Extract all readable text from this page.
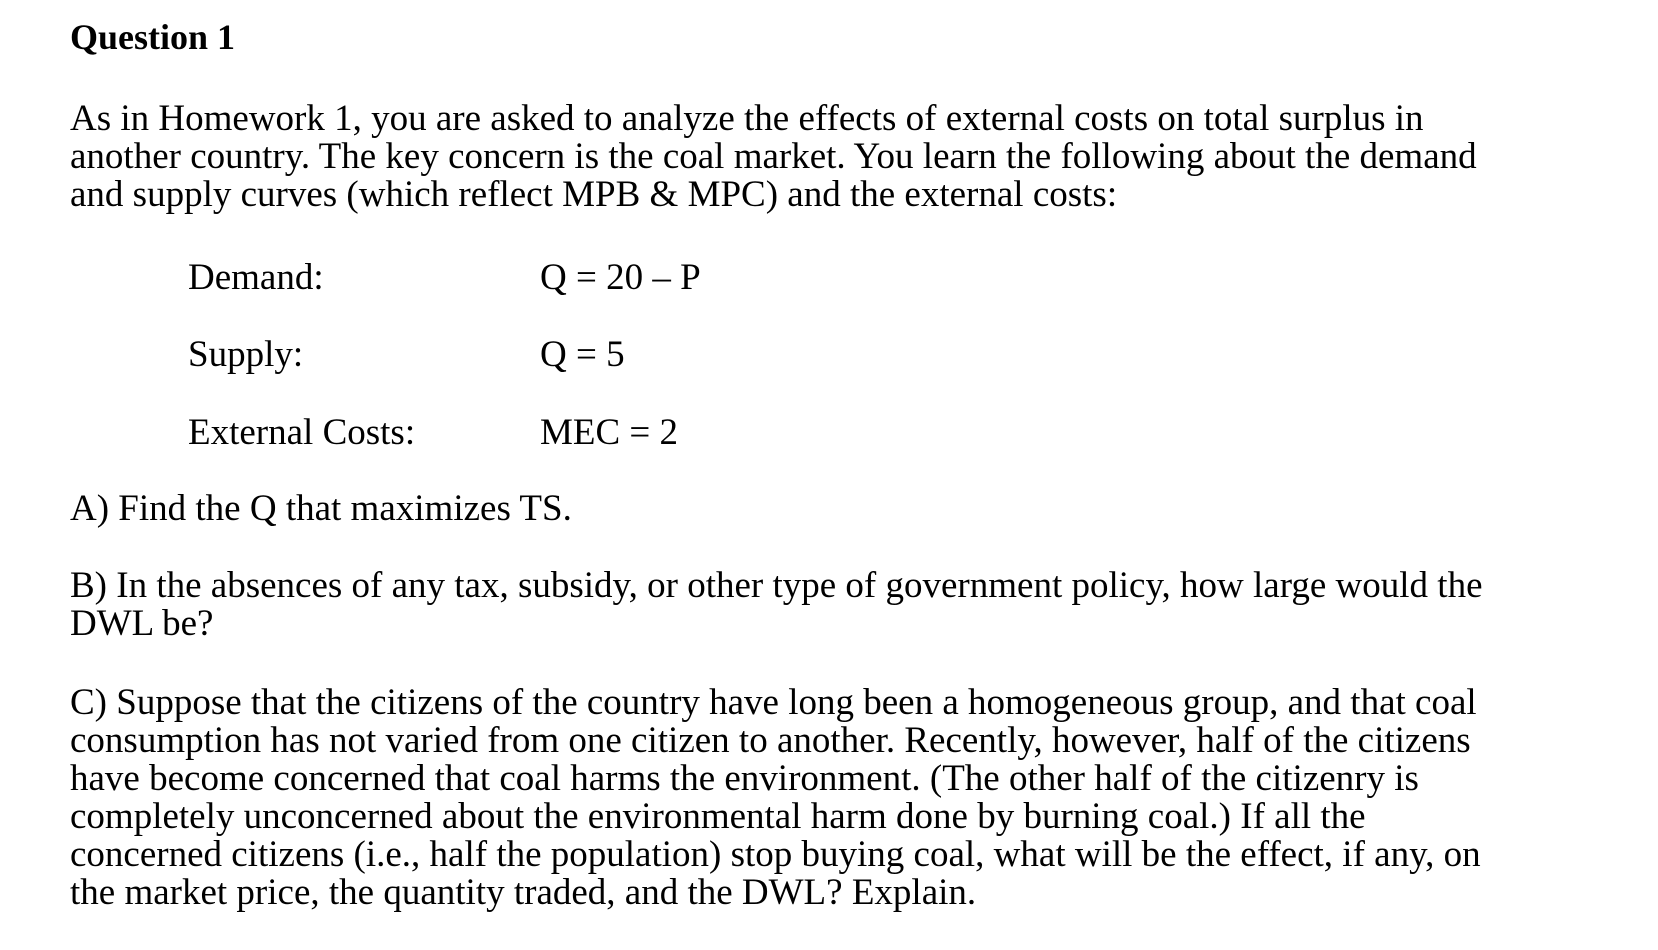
Question 1

As in Homework 1, you are asked to analyze the effects of external costs on total surplus in
another country. The key concern is the coal market. You learn the following about the demand
and supply curves (which reflect MPB & MPC) and the external costs:

Demand:	Q = 20 – P
Supply:	Q = 5
External Costs:	MEC = 2

A) Find the Q that maximizes TS.

B) In the absences of any tax, subsidy, or other type of government policy, how large would the
DWL be?

C) Suppose that the citizens of the country have long been a homogeneous group, and that coal
consumption has not varied from one citizen to another. Recently, however, half of the citizens
have become concerned that coal harms the environment. (The other half of the citizenry is
completely unconcerned about the environmental harm done by burning coal.) If all the
concerned citizens (i.e., half the population) stop buying coal, what will be the effect, if any, on
the market price, the quantity traded, and the DWL? Explain.
